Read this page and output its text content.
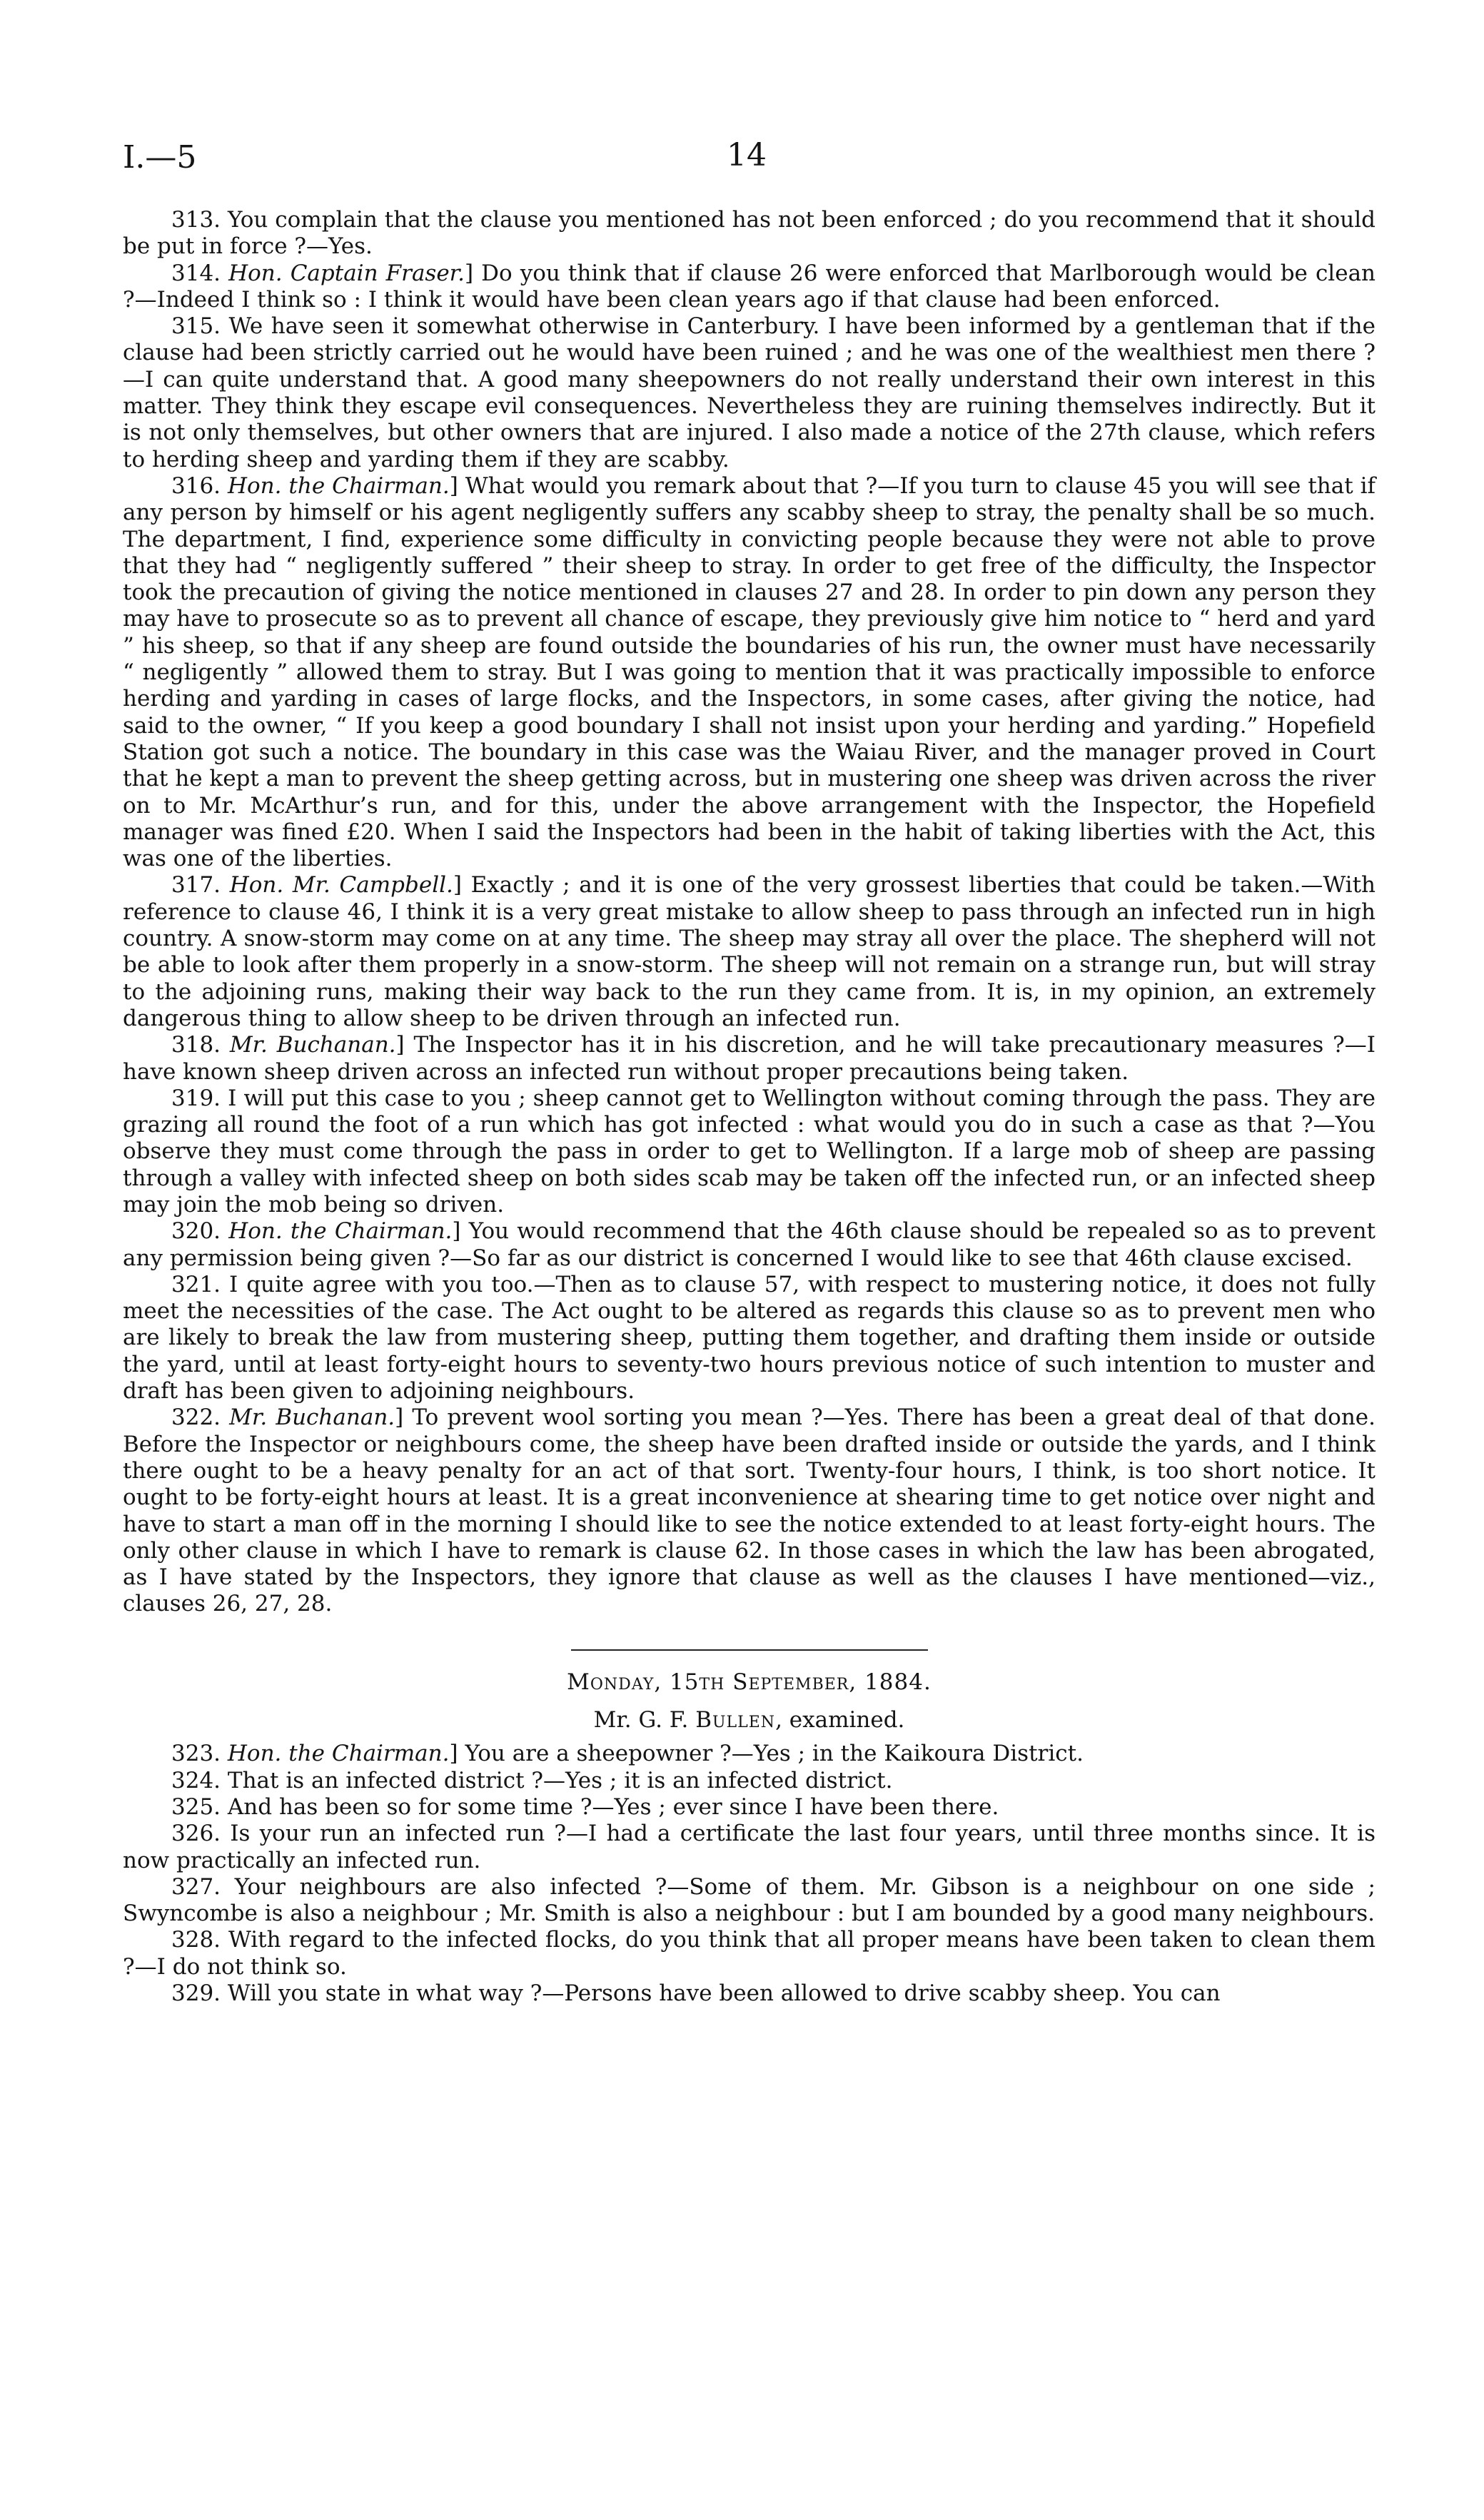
I.—5	14

313. You complain that the clause you mentioned has not been enforced ; do you recommend that it should be put in force ?—Yes.

314. Hon. Captain Fraser.] Do you think that if clause 26 were enforced that Marlborough would be clean ?—Indeed I think so : I think it would have been clean years ago if that clause had been enforced.

315. We have seen it somewhat otherwise in Canterbury. I have been informed by a gentleman that if the clause had been strictly carried out he would have been ruined ; and he was one of the wealthiest men there ?—I can quite understand that. A good many sheepowners do not really understand their own interest in this matter. They think they escape evil consequences. Nevertheless they are ruining themselves indirectly. But it is not only themselves, but other owners that are injured. I also made a notice of the 27th clause, which refers to herding sheep and yarding them if they are scabby.

316. Hon. the Chairman.] What would you remark about that ?—If you turn to clause 45 you will see that if any person by himself or his agent negligently suffers any scabby sheep to stray, the penalty shall be so much. The department, I find, experience some difficulty in convicting people because they were not able to prove that they had “ negligently suffered ” their sheep to stray. In order to get free of the difficulty, the Inspector took the precaution of giving the notice mentioned in clauses 27 and 28. In order to pin down any person they may have to prosecute so as to prevent all chance of escape, they previously give him notice to “ herd and yard ” his sheep, so that if any sheep are found outside the boundaries of his run, the owner must have necessarily “ negligently ” allowed them to stray. But I was going to mention that it was practically impossible to enforce herding and yarding in cases of large flocks, and the Inspectors, in some cases, after giving the notice, had said to the owner, “ If you keep a good boundary I shall not insist upon your herding and yarding.” Hopefield Station got such a notice. The boundary in this case was the Waiau River, and the manager proved in Court that he kept a man to prevent the sheep getting across, but in mustering one sheep was driven across the river on to Mr. McArthur’s run, and for this, under the above arrangement with the Inspector, the Hopefield manager was fined £20. When I said the Inspectors had been in the habit of taking liberties with the Act, this was one of the liberties.

317. Hon. Mr. Campbell.] Exactly ; and it is one of the very grossest liberties that could be taken.—With reference to clause 46, I think it is a very great mistake to allow sheep to pass through an infected run in high country. A snow-storm may come on at any time. The sheep may stray all over the place. The shepherd will not be able to look after them properly in a snow-storm. The sheep will not remain on a strange run, but will stray to the adjoining runs, making their way back to the run they came from. It is, in my opinion, an extremely dangerous thing to allow sheep to be driven through an infected run.

318. Mr. Buchanan.] The Inspector has it in his discretion, and he will take precautionary measures ?—I have known sheep driven across an infected run without proper precautions being taken.

319. I will put this case to you ; sheep cannot get to Wellington without coming through the pass. They are grazing all round the foot of a run which has got infected : what would you do in such a case as that ?—You observe they must come through the pass in order to get to Wellington. If a large mob of sheep are passing through a valley with infected sheep on both sides scab may be taken off the infected run, or an infected sheep may join the mob being so driven.

320. Hon. the Chairman.] You would recommend that the 46th clause should be repealed so as to prevent any permission being given ?—So far as our district is concerned I would like to see that 46th clause excised.

321. I quite agree with you too.—Then as to clause 57, with respect to mustering notice, it does not fully meet the necessities of the case. The Act ought to be altered as regards this clause so as to prevent men who are likely to break the law from mustering sheep, putting them together, and drafting them inside or outside the yard, until at least forty-eight hours to seventy-two hours previous notice of such intention to muster and draft has been given to adjoining neighbours.

322. Mr. Buchanan.] To prevent wool sorting you mean ?—Yes. There has been a great deal of that done. Before the Inspector or neighbours come, the sheep have been drafted inside or outside the yards, and I think there ought to be a heavy penalty for an act of that sort. Twenty-four hours, I think, is too short notice. It ought to be forty-eight hours at least. It is a great inconvenience at shearing time to get notice over night and have to start a man off in the morning I should like to see the notice extended to at least forty-eight hours. The only other clause in which I have to remark is clause 62. In those cases in which the law has been abrogated, as I have stated by the Inspectors, they ignore that clause as well as the clauses I have mentioned—viz., clauses 26, 27, 28.

Monday, 15th September, 1884.

Mr. G. F. Bullen, examined.

323. Hon. the Chairman.] You are a sheepowner ?—Yes ; in the Kaikoura District.

324. That is an infected district ?—Yes ; it is an infected district.

325. And has been so for some time ?—Yes ; ever since I have been there.

326. Is your run an infected run ?—I had a certificate the last four years, until three months since. It is now practically an infected run.

327. Your neighbours are also infected ?—Some of them. Mr. Gibson is a neighbour on one side ; Swyncombe is also a neighbour ; Mr. Smith is also a neighbour : but I am bounded by a good many neighbours.

328. With regard to the infected flocks, do you think that all proper means have been taken to clean them ?—I do not think so.

329. Will you state in what way ?—Persons have been allowed to drive scabby sheep. You can
